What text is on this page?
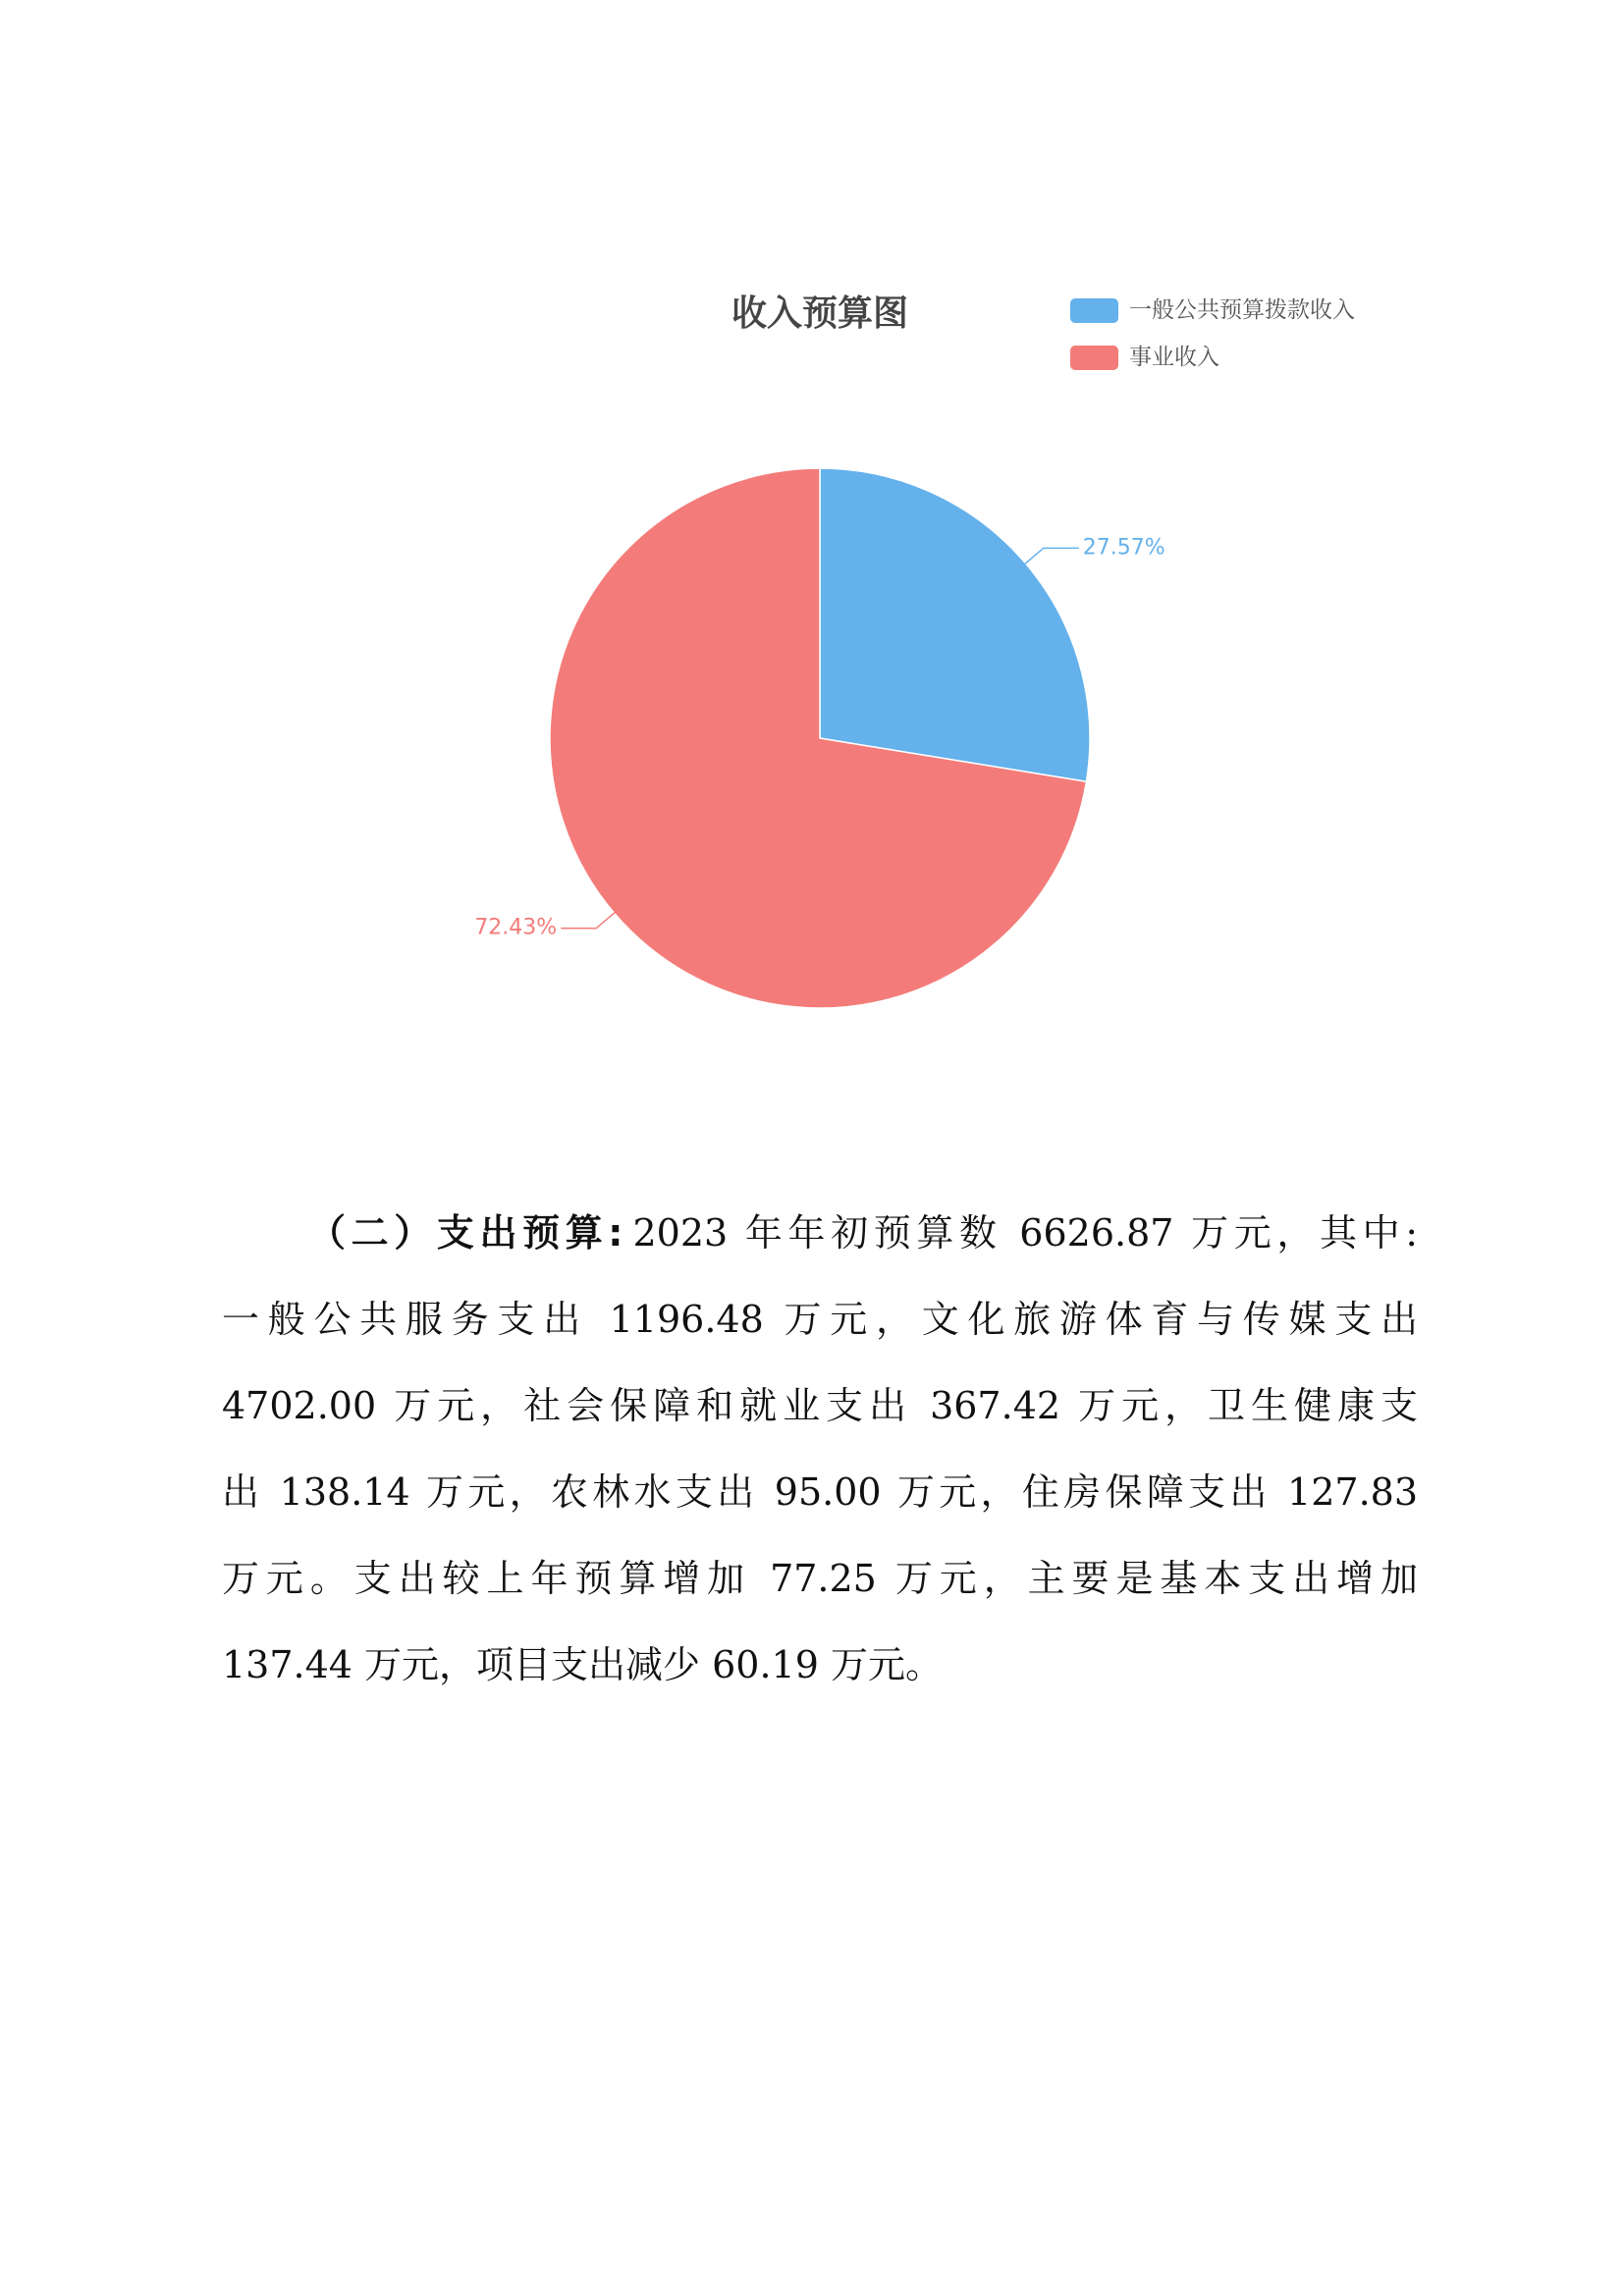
收入预算图	一般公共预算拨款收入
事业收入
27.57%
72.43%
（二）支出预算: 2023 年年初预算数 6626.87 万元，其中:
一般公共服务支出 1196.48 万元，文化旅游体育与传媒支出
4702.00 万元，社会保障和就业支出 367.42 万元，卫生健康支
出 138.14 万元，农林水支出 95.00 万元，住房保障支出 127.83
万元。支出较上年预算增加 77.25 万元，主要是基本支出增加
137.44 万元，项目支出减少 60.19 万元。
